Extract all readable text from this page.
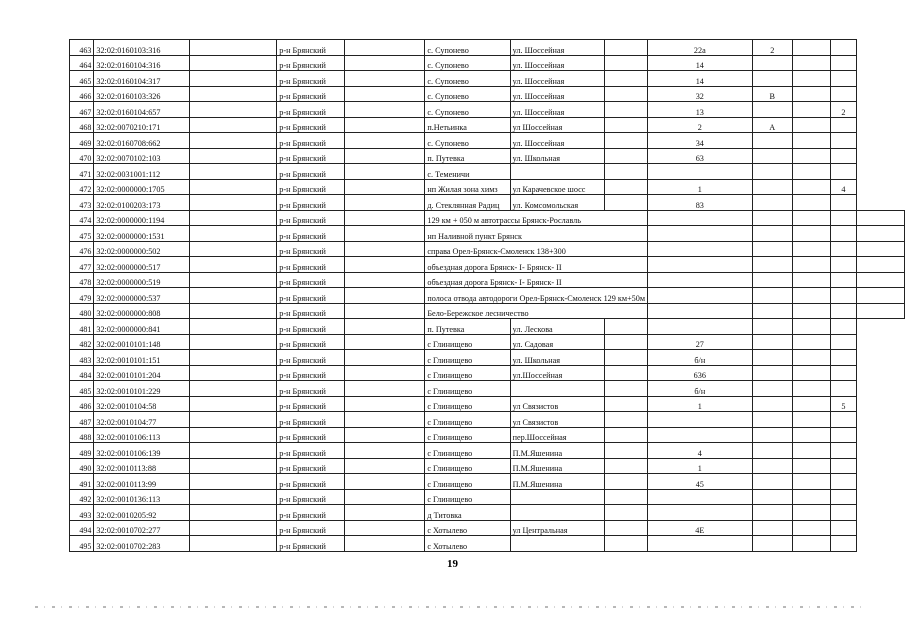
463	32:02:0160103:316		р-н Брянский		с. Супонево	ул. Шоссейная		22а	2			
464	32:02:0160104:316		р-н Брянский		с. Супонево	ул. Шоссейная		14				
465	32:02:0160104:317		р-н Брянский		с. Супонево	ул. Шоссейная		14				
466	32:02:0160103:326		р-н Брянский		с. Супонево	ул. Шоссейная		32	В			
467	32:02:0160104:657		р-н Брянский		с. Супонево	ул. Шоссейная		13			2	
468	32:02:0070210:171		р-н Брянский		п.Нетьинка	ул Шоссейная		2	А			
469	32:02:0160708:662		р-н Брянский		с. Супонево	ул. Шоссейная		34				
470	32:02:0070102:103		р-н Брянский		п. Путевка	ул. Школьная		63				
471	32:02:0031001:112		р-н Брянский		с. Теменичи							
472	32:02:0000000:1705		р-н Брянский		нп Жилая зона химз	ул Карачевское шосс		1			4	
473	32:02:0100203:173		р-н Брянский		д. Стеклянная Радиц	ул. Комсомольская		83				
474	32:02:0000000:1194		р-н Брянский		129 км + 050 м автотрассы Брянск-Рославль							
475	32:02:0000000:1531		р-н Брянский		нп Наливной пункт Брянск							
476	32:02:0000000:502		р-н Брянский		справа Орел-Брянск-Смоленск 138+300							
477	32:02:0000000:517		р-н Брянский		объездная дорога Брянск- I- Брянск- II							
478	32:02:0000000:519		р-н Брянский		объездная дорога Брянск- I- Брянск- II							
479	32:02:0000000:537		р-н Брянский		полоса отвода автодороги Орел-Брянск-Смоленск 129 км+50м							
480	32:02:0000000:808		р-н Брянский		Бело-Бережское лесничество							
481	32:02:0000000:841		р-н Брянский		п. Путевка	ул. Лескова						
482	32:02:0010101:148		р-н Брянский		с Глинищево	ул. Садовая		27				
483	32:02:0010101:151		р-н Брянский		с Глинищево	ул. Школьная		б/н				
484	32:02:0010101:204		р-н Брянский		с Глинищево	ул.Шоссейная		636				
485	32:02:0010101:229		р-н Брянский		с Глинищево			б/н				
486	32:02:0010104:58		р-н Брянский		с Глинищево	ул Связистов		1			5	
487	32:02:0010104:77		р-н Брянский		с Глинищево	ул Связистов						
488	32:02:0010106:113		р-н Брянский		с Глинищево	пер.Шоссейная						
489	32:02:0010106:139		р-н Брянский		с Глинищево	П.М.Яшенина		4				
490	32:02:0010113:88		р-н Брянский		с Глинищево	П.М.Яшенина		1				
491	32:02:0010113:99		р-н Брянский		с Глинищево	П.М.Яшенина		45				
492	32:02:0010136:113		р-н Брянский		с Глинищево							
493	32:02:0010205:92		р-н Брянский		д Титовка							
494	32:02:0010702:277		р-н Брянский		с Хотылево	ул Центральная		4Е				
495	32:02:0010702:283		р-н Брянский		с Хотылево							
19
